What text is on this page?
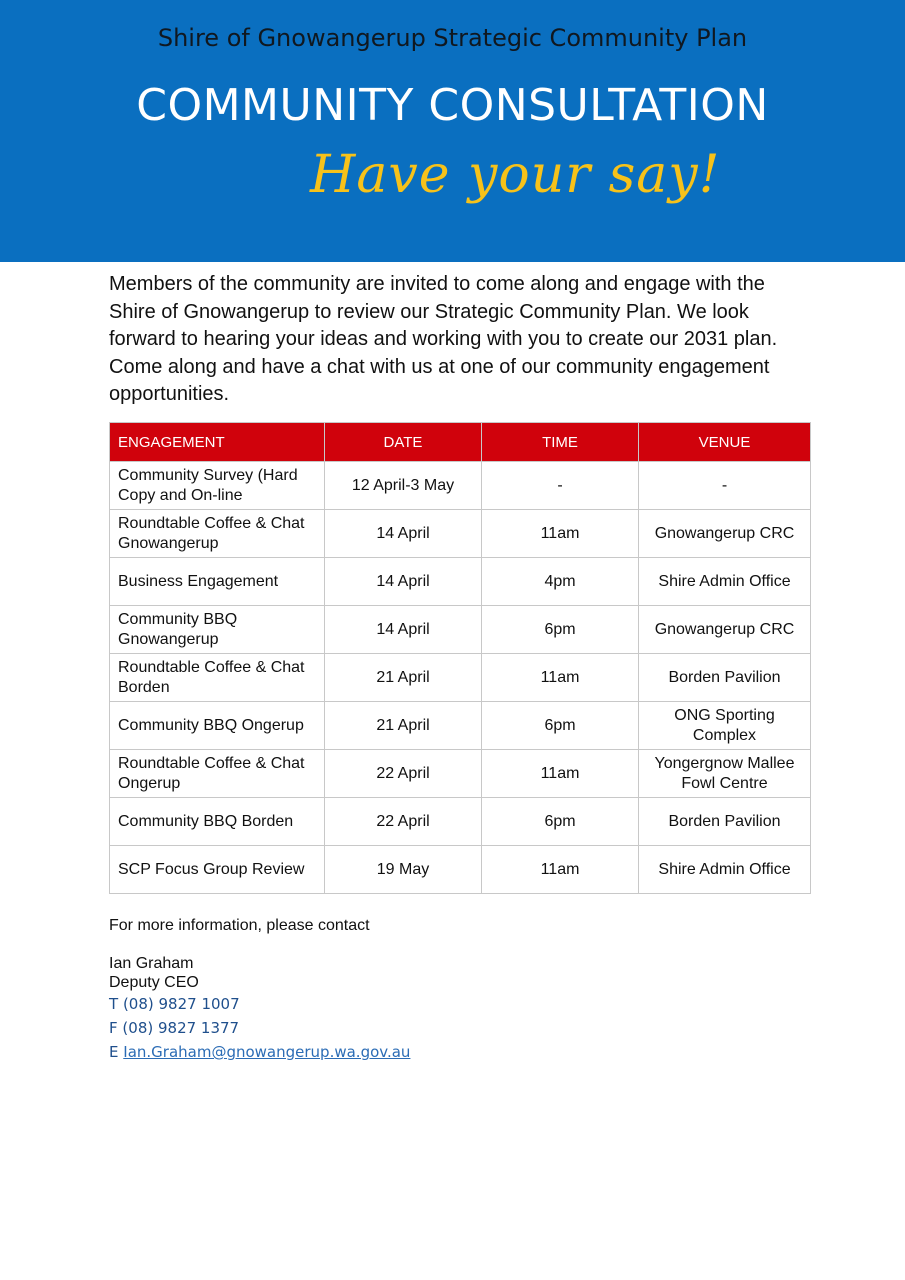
Shire of Gnowangerup Strategic Community Plan
COMMUNITY CONSULTATION
Have your say!
Members of the community are invited to come along and engage with the Shire of Gnowangerup to review our Strategic Community Plan. We look forward to hearing your ideas and working with you to create our 2031 plan. Come along and have a chat with us at one of our community engagement opportunities.
ENGAGEMENT	DATE	TIME	VENUE
Community Survey (Hard Copy and On-line	12 April-3 May	-	-
Roundtable Coffee & Chat Gnowangerup	14 April	11am	Gnowangerup CRC
Business Engagement	14 April	4pm	Shire Admin Office
Community BBQ Gnowangerup	14 April	6pm	Gnowangerup CRC
Roundtable Coffee & Chat Borden	21 April	11am	Borden Pavilion
Community BBQ Ongerup	21 April	6pm	ONG Sporting Complex
Roundtable Coffee & Chat Ongerup	22 April	11am	Yongergnow Mallee Fowl Centre
Community BBQ Borden	22 April	6pm	Borden Pavilion
SCP Focus Group Review	19 May	11am	Shire Admin Office
For more information, please contact
Ian Graham
Deputy CEO
T (08) 9827 1007
F (08) 9827 1377
E Ian.Graham@gnowangerup.wa.gov.au
